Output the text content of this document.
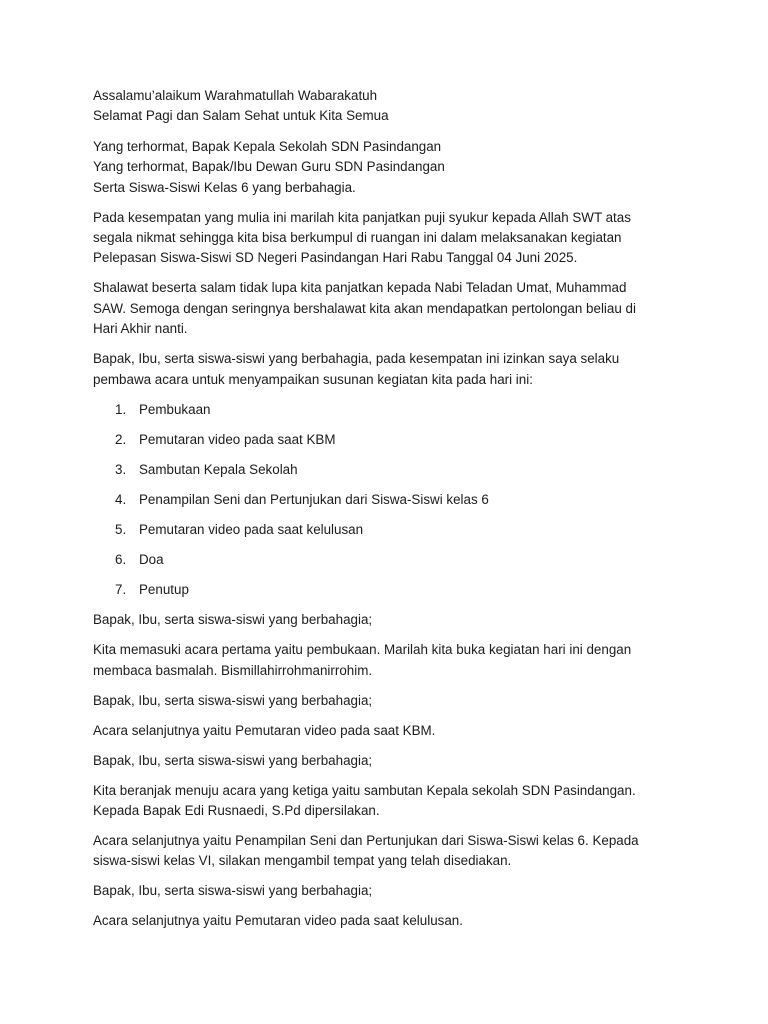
Assalamu’alaikum Warahmatullah Wabarakatuh
Selamat Pagi dan Salam Sehat untuk Kita Semua

Yang terhormat, Bapak Kepala Sekolah SDN Pasindangan
Yang terhormat, Bapak/Ibu Dewan Guru SDN Pasindangan
Serta Siswa-Siswi Kelas 6 yang berbahagia.

Pada kesempatan yang mulia ini marilah kita panjatkan puji syukur kepada Allah SWT atas
segala nikmat sehingga kita bisa berkumpul di ruangan ini dalam melaksanakan kegiatan
Pelepasan Siswa-Siswi SD Negeri Pasindangan Hari Rabu Tanggal 04 Juni 2025.

Shalawat beserta salam tidak lupa kita panjatkan kepada Nabi Teladan Umat, Muhammad
SAW. Semoga dengan seringnya bershalawat kita akan mendapatkan pertolongan beliau di
Hari Akhir nanti.

Bapak, Ibu, serta siswa-siswi yang berbahagia, pada kesempatan ini izinkan saya selaku
pembawa acara untuk menyampaikan susunan kegiatan kita pada hari ini:

1. Pembukaan
2. Pemutaran video pada saat KBM
3. Sambutan Kepala Sekolah
4. Penampilan Seni dan Pertunjukan dari Siswa-Siswi kelas 6
5. Pemutaran video pada saat kelulusan
6. Doa
7. Penutup

Bapak, Ibu, serta siswa-siswi yang berbahagia;

Kita memasuki acara pertama yaitu pembukaan. Marilah kita buka kegiatan hari ini dengan
membaca basmalah. Bismillahirrohmanirrohim.

Bapak, Ibu, serta siswa-siswi yang berbahagia;

Acara selanjutnya yaitu Pemutaran video pada saat KBM.

Bapak, Ibu, serta siswa-siswi yang berbahagia;

Kita beranjak menuju acara yang ketiga yaitu sambutan Kepala sekolah SDN Pasindangan.
Kepada Bapak Edi Rusnaedi, S.Pd dipersilakan.

Acara selanjutnya yaitu Penampilan Seni dan Pertunjukan dari Siswa-Siswi kelas 6. Kepada
siswa-siswi kelas VI, silakan mengambil tempat yang telah disediakan.

Bapak, Ibu, serta siswa-siswi yang berbahagia;

Acara selanjutnya yaitu Pemutaran video pada saat kelulusan.
